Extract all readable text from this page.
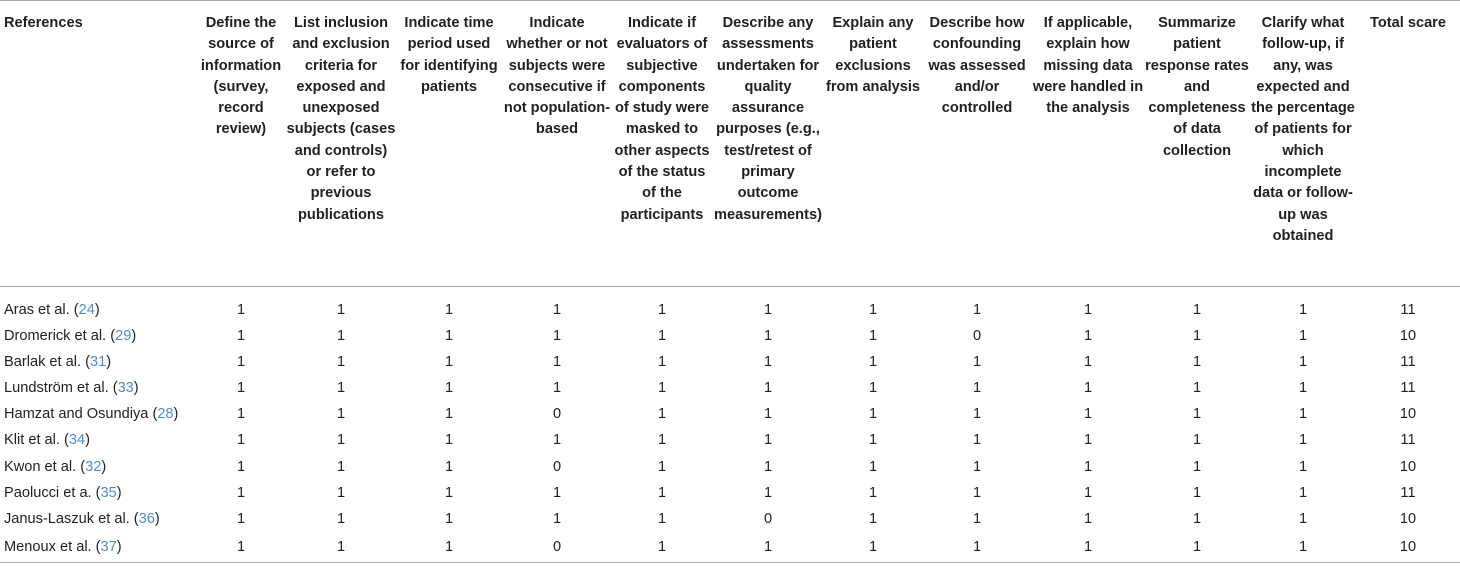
References	Define the source of information (survey, record review)	List inclusion and exclusion criteria for exposed and unexposed subjects (cases and controls) or refer to previous publications	Indicate time period used for identifying patients	Indicate whether or not subjects were consecutive if not population-based	Indicate if evaluators of subjective components of study were masked to other aspects of the status of the participants	Describe any assessments undertaken for quality assurance purposes (e.g., test/retest of primary outcome measurements)	Explain any patient exclusions from analysis	Describe how confounding was assessed and/or controlled	If applicable, explain how missing data were handled in the analysis	Summarize patient response rates and completeness of data collection	Clarify what follow-up, if any, was expected and the percentage of patients for which incomplete data or follow-up was obtained	Total scare
Aras et al. (24)	1	1	1	1	1	1	1	1	1	1	1	11
Dromerick et al. (29)	1	1	1	1	1	1	1	0	1	1	1	10
Barlak et al. (31)	1	1	1	1	1	1	1	1	1	1	1	11
Lundström et al. (33)	1	1	1	1	1	1	1	1	1	1	1	11
Hamzat and Osundiya (28)	1	1	1	0	1	1	1	1	1	1	1	10
Klit et al. (34)	1	1	1	1	1	1	1	1	1	1	1	11
Kwon et al. (32)	1	1	1	0	1	1	1	1	1	1	1	10
Paolucci et a. (35)	1	1	1	1	1	1	1	1	1	1	1	11
Janus-Laszuk et al. (36)	1	1	1	1	1	0	1	1	1	1	1	10
Menoux et al. (37)	1	1	1	0	1	1	1	1	1	1	1	10
